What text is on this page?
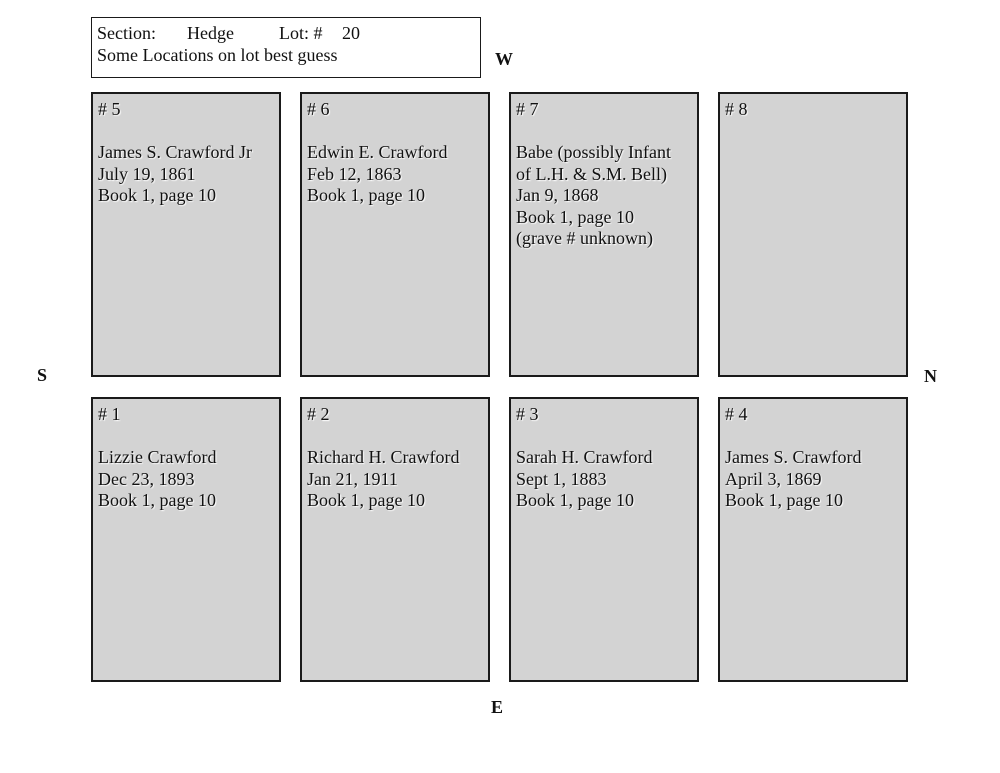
Section:	Hedge	Lot: #	20
Some Locations on lot best guess	W
S	N
E
# 5
James S. Crawford Jr
July 19, 1861
Book 1, page 10
# 6
Edwin E. Crawford
Feb 12, 1863
Book 1, page 10
# 7
Babe (possibly Infant
of L.H. & S.M. Bell)
Jan 9, 1868
Book 1, page 10
(grave # unknown)
# 8
# 1
Lizzie Crawford
Dec 23, 1893
Book 1, page 10
# 2
Richard H. Crawford
Jan 21, 1911
Book 1, page 10
# 3
Sarah H. Crawford
Sept 1, 1883
Book 1, page 10
# 4
James S. Crawford
April 3, 1869
Book 1, page 10
